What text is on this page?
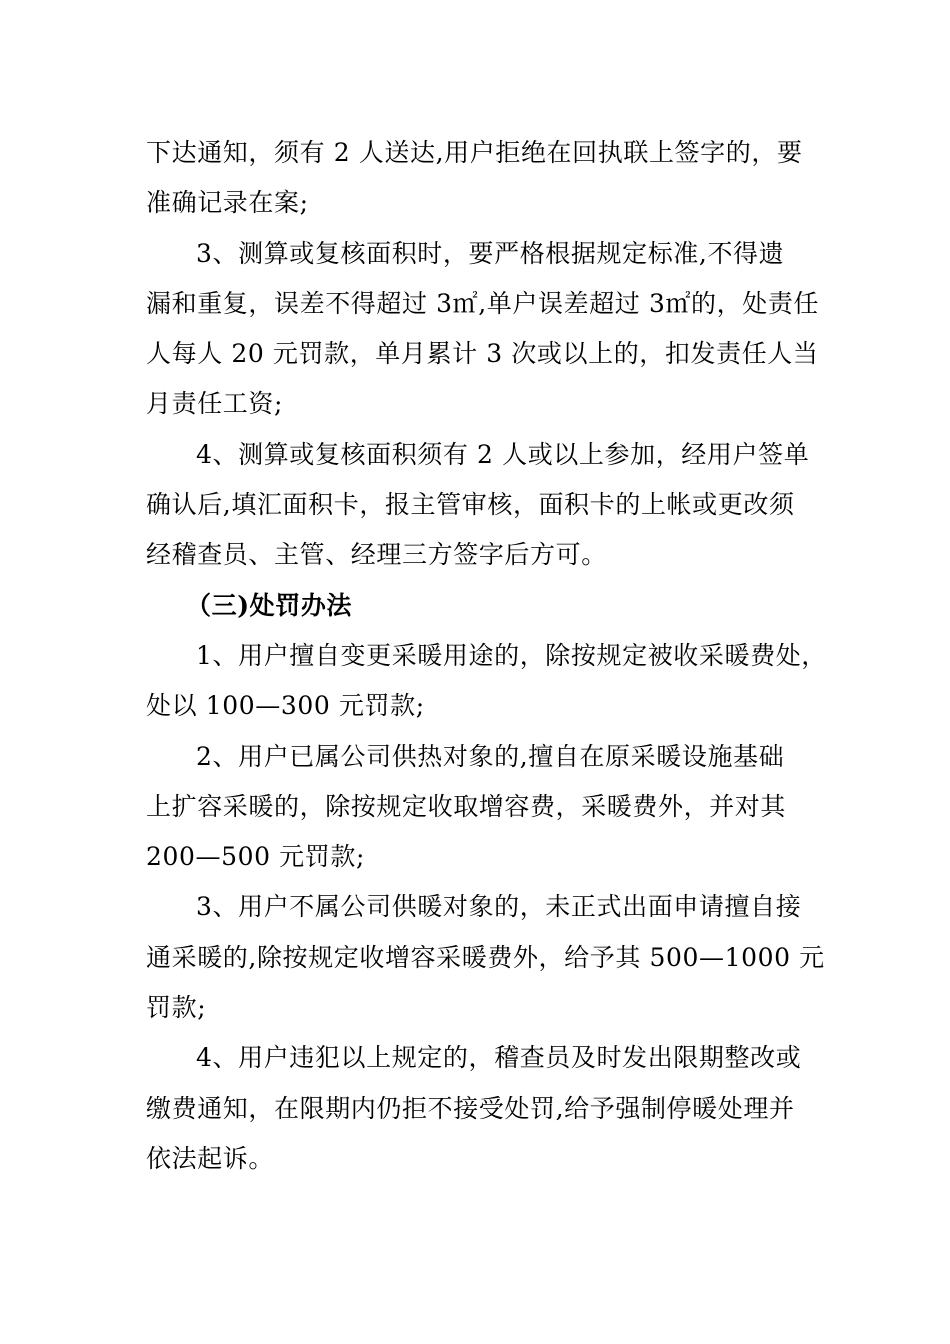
下达通知，须有 2 人送达,用户拒绝在回执联上签字的，要
准确记录在案;
3、测算或复核面积时，要严格根据规定标准,不得遗
漏和重复，误差不得超过 3㎡,单户误差超过 3㎡的，处责任
人每人 20 元罚款，单月累计 3 次或以上的，扣发责任人当
月责任工资;
4、测算或复核面积须有 2 人或以上参加，经用户签单
确认后,填汇面积卡，报主管审核，面积卡的上帐或更改须
经稽查员、主管、经理三方签字后方可。
（三)处罚办法
1、用户擅自变更采暖用途的，除按规定被收采暖费处，
处以 100—300 元罚款;
2、用户已属公司供热对象的,擅自在原采暖设施基础
上扩容采暖的，除按规定收取增容费，采暖费外，并对其
200—500 元罚款;
3、用户不属公司供暖对象的，未正式出面申请擅自接
通采暖的,除按规定收增容采暖费外，给予其 500—1000 元
罚款;
4、用户违犯以上规定的，稽查员及时发出限期整改或
缴费通知，在限期内仍拒不接受处罚,给予强制停暖处理并
依法起诉。
